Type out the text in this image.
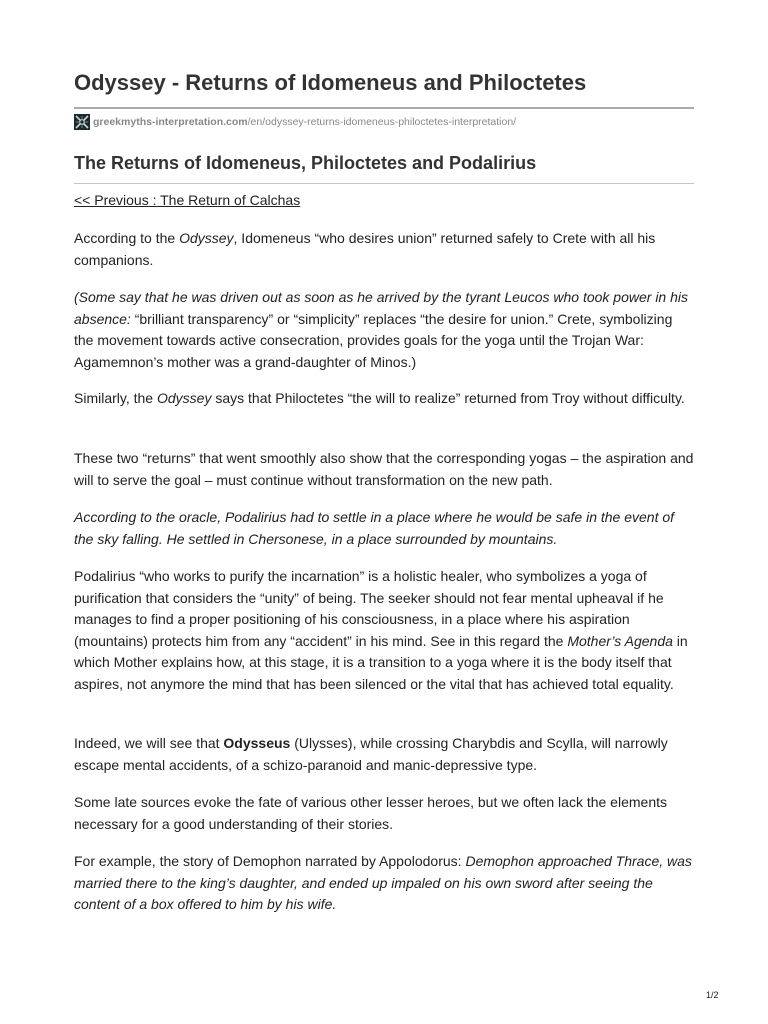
Odyssey - Returns of Idomeneus and Philoctetes
greekmyths-interpretation.com /en/odyssey-returns-idomeneus-philoctetes-interpretation/
The Returns of Idomeneus, Philoctetes and Podalirius
<< Previous : The Return of Calchas

According to the Odyssey, Idomeneus “who desires union” returned safely to Crete with all his companions.

(Some say that he was driven out as soon as he arrived by the tyrant Leucos who took power in his absence: “brilliant transparency” or “simplicity” replaces “the desire for union.” Crete, symbolizing the movement towards active consecration, provides goals for the yoga until the Trojan War: Agamemnon’s mother was a grand-daughter of Minos.)

Similarly, the Odyssey says that Philoctetes “the will to realize” returned from Troy without difficulty.

These two “returns” that went smoothly also show that the corresponding yogas – the aspiration and will to serve the goal – must continue without transformation on the new path.

According to the oracle, Podalirius had to settle in a place where he would be safe in the event of the sky falling. He settled in Chersonese, in a place surrounded by mountains.

Podalirius “who works to purify the incarnation” is a holistic healer, who symbolizes a yoga of purification that considers the “unity” of being. The seeker should not fear mental upheaval if he manages to find a proper positioning of his consciousness, in a place where his aspiration (mountains) protects him from any “accident” in his mind. See in this regard the Mother’s Agenda in which Mother explains how, at this stage, it is a transition to a yoga where it is the body itself that aspires, not anymore the mind that has been silenced or the vital that has achieved total equality.

Indeed, we will see that Odysseus (Ulysses), while crossing Charybdis and Scylla, will narrowly escape mental accidents, of a schizo-paranoid and manic-depressive type.

Some late sources evoke the fate of various other lesser heroes, but we often lack the elements necessary for a good understanding of their stories.

For example, the story of Demophon narrated by Appolodorus: Demophon approached Thrace, was married there to the king’s daughter, and ended up impaled on his own sword after seeing the content of a box offered to him by his wife.

1/2
